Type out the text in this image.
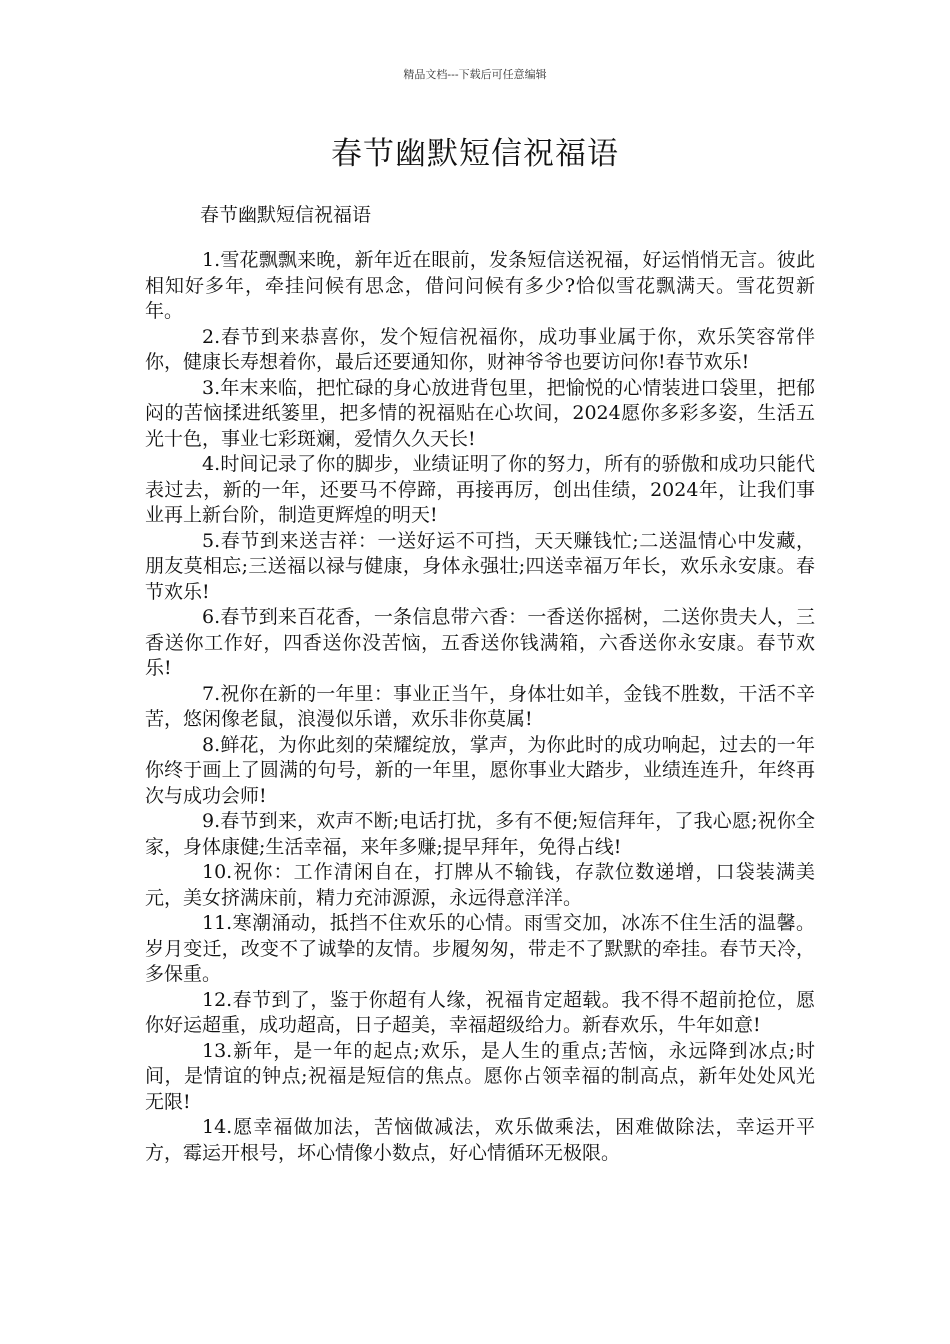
精品文档---下载后可任意编辑
春节幽默短信祝福语
春节幽默短信祝福语

1.雪花飘飘来晚，新年近在眼前，发条短信送祝福，好运悄悄无言。彼此相知好多年，牵挂问候有思念，借问问候有多少?恰似雪花飘满天。雪花贺新年。

2.春节到来恭喜你，发个短信祝福你，成功事业属于你，欢乐笑容常伴你，健康长寿想着你，最后还要通知你，财神爷爷也要访问你!春节欢乐!

3.年末来临，把忙碌的身心放进背包里，把愉悦的心情装进口袋里，把郁闷的苦恼揉进纸篓里，把多情的祝福贴在心坎间，2024愿你多彩多姿，生活五光十色，事业七彩斑斓，爱情久久天长!

4.时间记录了你的脚步，业绩证明了你的努力，所有的骄傲和成功只能代表过去，新的一年，还要马不停蹄，再接再厉，创出佳绩，2024年，让我们事业再上新台阶，制造更辉煌的明天!

5.春节到来送吉祥：一送好运不可挡，天天赚钱忙;二送温情心中发藏，朋友莫相忘;三送福以禄与健康，身体永强壮;四送幸福万年长，欢乐永安康。春节欢乐!

6.春节到来百花香，一条信息带六香：一香送你摇树，二送你贵夫人，三香送你工作好，四香送你没苦恼，五香送你钱满箱，六香送你永安康。春节欢乐!

7.祝你在新的一年里：事业正当午，身体壮如羊，金钱不胜数，干活不辛苦，悠闲像老鼠，浪漫似乐谱，欢乐非你莫属!

8.鲜花，为你此刻的荣耀绽放，掌声，为你此时的成功响起，过去的一年你终于画上了圆满的句号，新的一年里，愿你事业大踏步，业绩连连升，年终再次与成功会师!

9.春节到来，欢声不断;电话打扰，多有不便;短信拜年，了我心愿;祝你全家，身体康健;生活幸福，来年多赚;提早拜年，免得占线!

10.祝你：工作清闲自在，打牌从不输钱，存款位数递增，口袋装满美元，美女挤满床前，精力充沛源源，永远得意洋洋。

11.寒潮涌动，抵挡不住欢乐的心情。雨雪交加，冰冻不住生活的温馨。岁月变迁，改变不了诚挚的友情。步履匆匆，带走不了默默的牵挂。春节天冷，多保重。

12.春节到了，鉴于你超有人缘，祝福肯定超载。我不得不超前抢位，愿你好运超重，成功超高，日子超美，幸福超级给力。新春欢乐，牛年如意!

13.新年，是一年的起点;欢乐，是人生的重点;苦恼，永远降到冰点;时间，是情谊的钟点;祝福是短信的焦点。愿你占领幸福的制高点，新年处处风光无限!

14.愿幸福做加法，苦恼做减法，欢乐做乘法，困难做除法，幸运开平方，霉运开根号，坏心情像小数点，好心情循环无极限。
